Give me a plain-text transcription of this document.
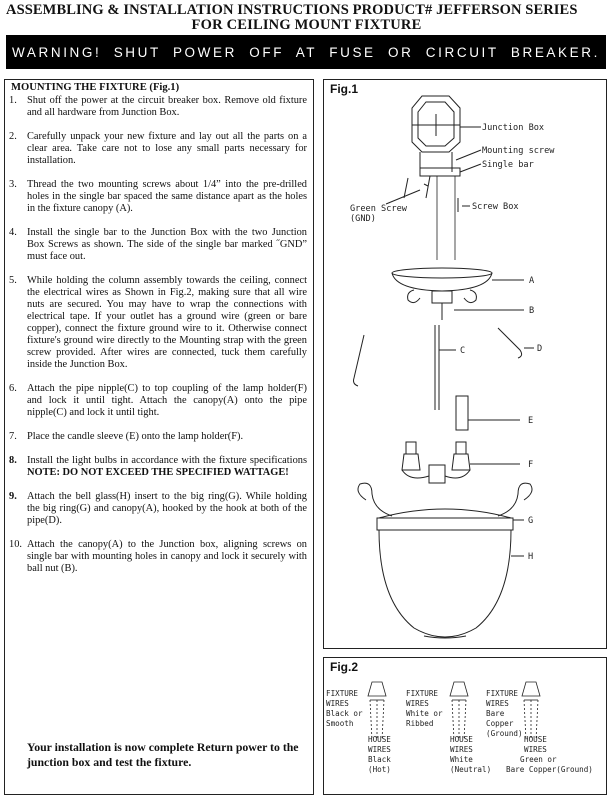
ASSEMBLING & INSTALLATION INSTRUCTIONS PRODUCT# JEFFERSON SERIES
FOR CEILING MOUNT FIXTURE
WARNING! SHUT POWER OFF AT FUSE OR CIRCUIT BREAKER.
MOUNTING THE FIXTURE (Fig.1)
1. Shut off the power at the circuit breaker box. Remove old fixture and all hardware from Junction Box.
2. Carefully unpack your new fixture and lay out all the parts on a clear area. Take care not to lose any small parts necessary for installation.
3. Thread the two mounting screws about 1/4” into the pre-drilled holes in the single bar spaced the same distance apart as the holes in the fixture canopy (A).
4. Install the single bar to the Junction Box with the two Junction Box Screws as shown. The side of the single bar marked ˝GND” must face out.
5. While holding the column assembly towards the ceiling, connect the electrical wires as Shown in Fig.2, making sure that all wire nuts are secured. You may have to wrap the connections with electrical tape. If your outlet has a ground wire (green or bare copper), connect the fixture ground wire to it. Otherwise connect fixture's ground wire directly to the Mounting strap with the green screw provided. After wires are connected, tuck them carefully inside the Junction Box.
6. Attach the pipe nipple(C) to top coupling of the lamp holder(F) and lock it until tight. Attach the canopy(A) onto the pipe nipple(C) and lock it until tight.
7. Place the candle sleeve (E) onto the lamp holder(F).
8. Install the light bulbs in accordance with the fixture specifications NOTE: DO NOT EXCEED THE SPECIFIED WATTAGE!
9. Attach the bell glass(H) insert to the big ring(G). While holding the big ring(G) and canopy(A), hooked by the hook at both of the pipe(D).
10. Attach the canopy(A) to the Junction box, aligning screws on single bar with mounting holes in canopy and lock it securely with ball nut (B).
Your installation is now complete Return power to the junction box and test the fixture.
Fig.1
Junction Box
Mounting screw
Single bar
Green Screw
(GND)
Screw Box
A
B
C	D
E
F
G
H
Fig.2
FIXTURE
WIRES
Black or
Smooth
FIXTURE
WIRES
White or
Ribbed
FIXTURE
WIRES
Bare
Copper
(Ground)
HOUSE
WIRES
Black
(Hot)
HOUSE
WIRES
White
(Neutral)
HOUSE
WIRES
Green or
Bare Copper(Ground)
